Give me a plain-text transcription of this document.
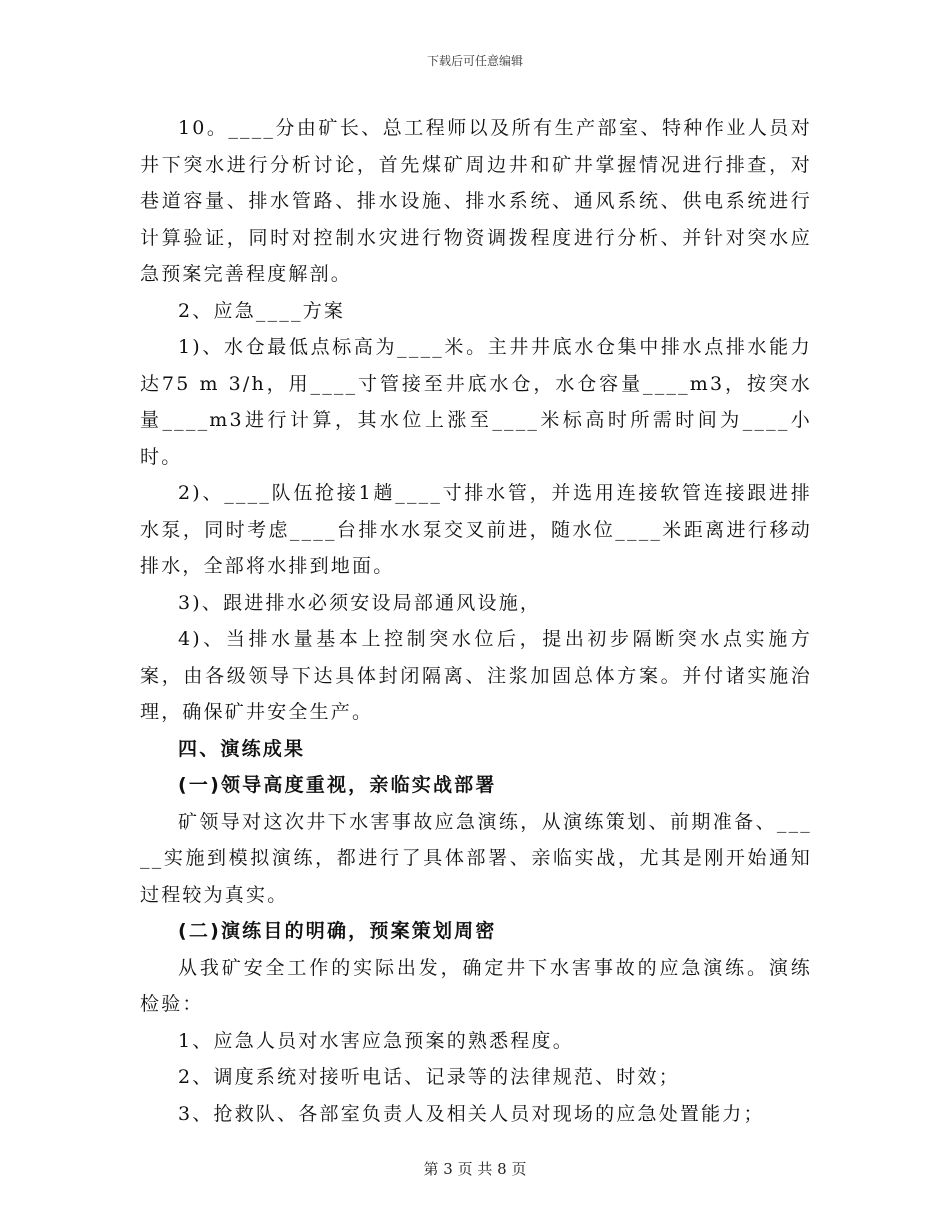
下载后可任意编辑

10。____分由矿长、总工程师以及所有生产部室、特种作业人员对井下突水进行分析讨论，首先煤矿周边井和矿井掌握情况进行排查，对巷道容量、排水管路、排水设施、排水系统、通风系统、供电系统进行计算验证，同时对控制水灾进行物资调拨程度进行分析、并针对突水应急预案完善程度解剖。

2、应急____方案

1)、水仓最低点标高为____米。主井井底水仓集中排水点排水能力达75 m 3/h，用____寸管接至井底水仓，水仓容量____m3，按突水量____m3进行计算，其水位上涨至____米标高时所需时间为____小时。

2)、____队伍抢接1趟____寸排水管，并选用连接软管连接跟进排水泵，同时考虑____台排水水泵交叉前进，随水位____米距离进行移动排水，全部将水排到地面。

3)、跟进排水必须安设局部通风设施，

4)、当排水量基本上控制突水位后，提出初步隔断突水点实施方案，由各级领导下达具体封闭隔离、注浆加固总体方案。并付诸实施治理，确保矿井安全生产。

四、演练成果

(一)领导高度重视，亲临实战部署

矿领导对这次井下水害事故应急演练，从演练策划、前期准备、_____实施到模拟演练，都进行了具体部署、亲临实战，尤其是刚开始通知过程较为真实。

(二)演练目的明确，预案策划周密

从我矿安全工作的实际出发，确定井下水害事故的应急演练。演练检验：

1、应急人员对水害应急预案的熟悉程度。

2、调度系统对接听电话、记录等的法律规范、时效；

3、抢救队、各部室负责人及相关人员对现场的应急处置能力；

第 3 页 共 8 页
